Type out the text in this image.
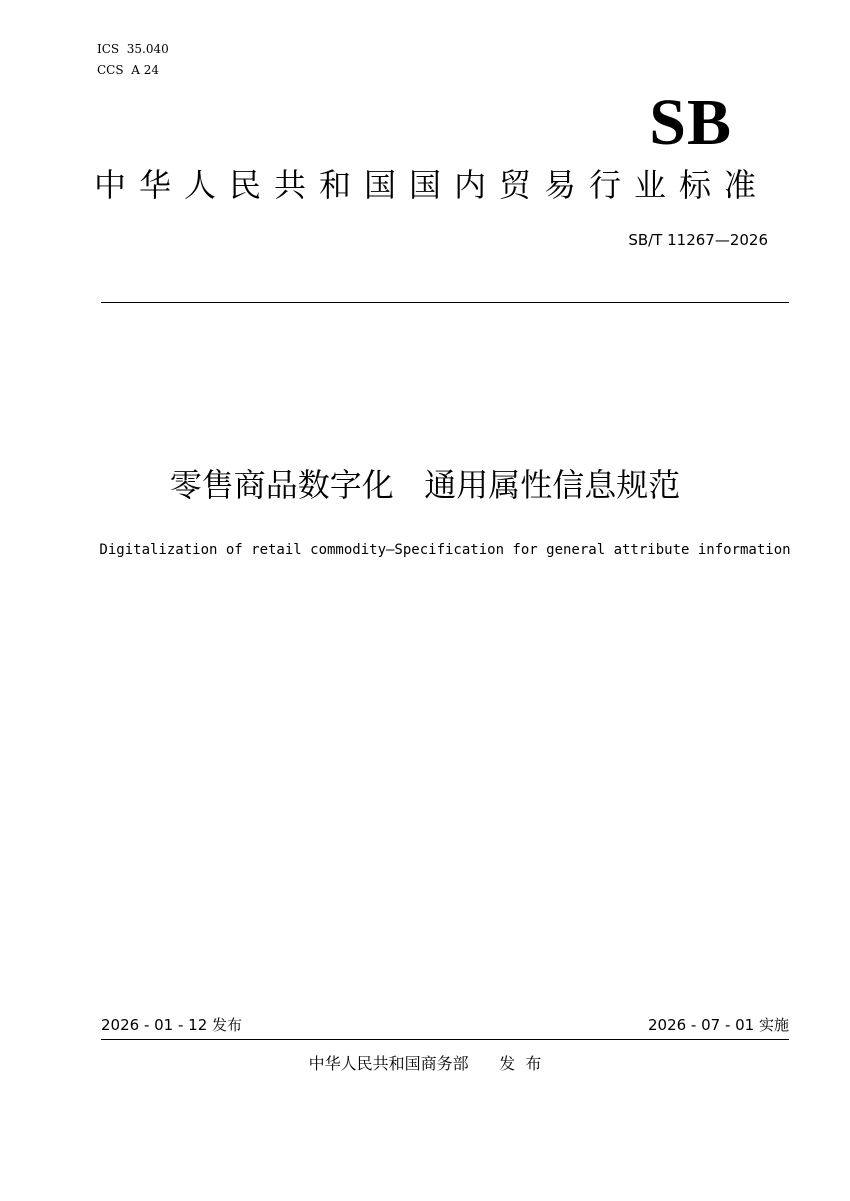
ICS  35.040
CCS  A 24
SB
中华人民共和国国内贸易行业标准
SB/T 11267—2026
零售商品数字化   通用属性信息规范
Digitalization of retail commodity—Specification for general attribute information
2026 - 01 - 12 发布	2026 - 07 - 01 实施
中华人民共和国商务部      发  布
